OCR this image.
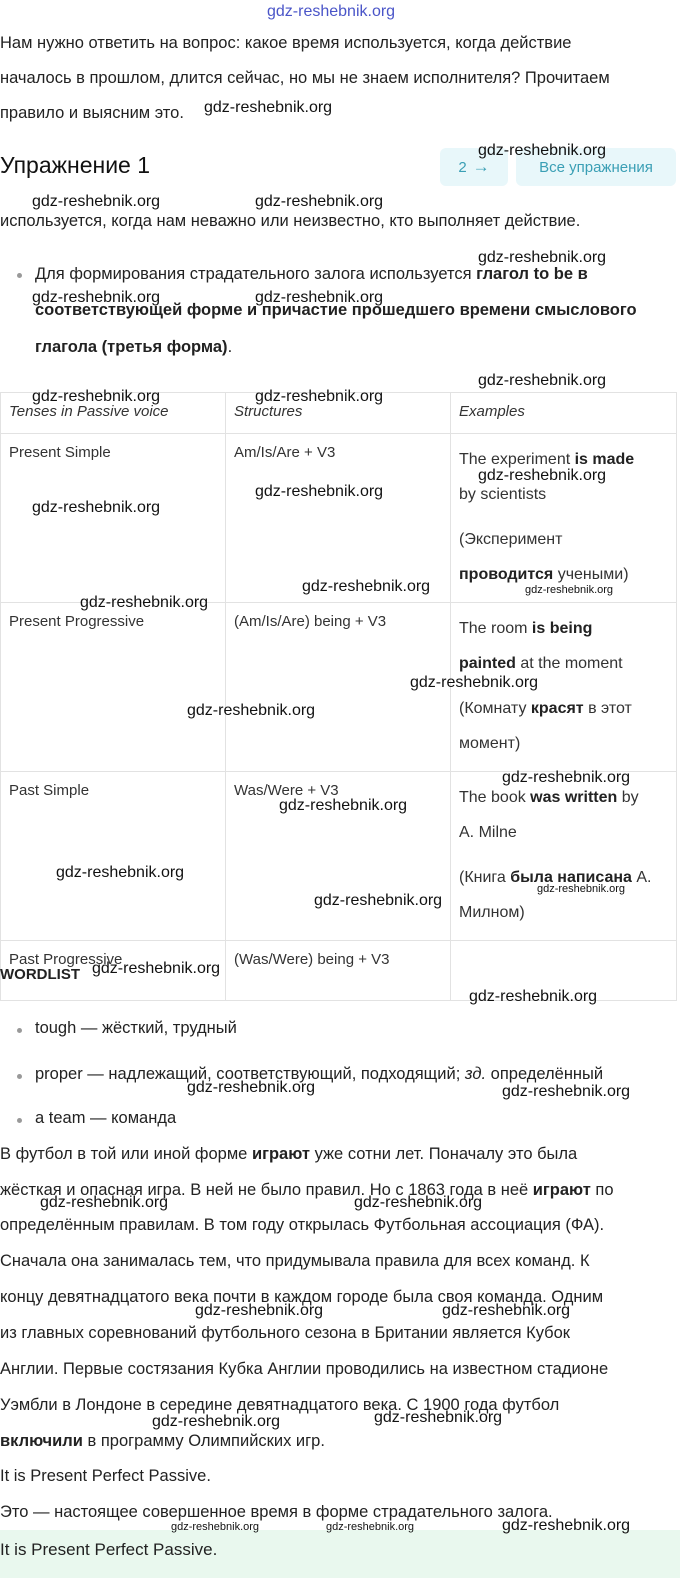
Нам нужно ответить на вопрос: какое время используется, когда действие
началось в прошлом, длится сейчас, но мы не знаем исполнителя? Прочитаем
правило и выясним это.
Упражнение 1	2 →	Все упражнения
используется, когда нам неважно или неизвестно, кто выполняет действие.
Для формирования страдательного залога используется глагол to be в
соответствующей форме и причастие прошедшего времени смыслового
глагола (третья форма).
Tenses in Passive voice	Structures	Examples
Present Simple	Am/Is/Are + V3	The experiment is made
by scientists
(Эксперимент
проводится учеными)

Present Progressive	(Am/Is/Are) being + V3	The room is being
painted at the moment
(Комнату красят в этот
момент)

Past Simple	Was/Were + V3	The book was written by
A. Milne
(Книга была написана А.
Милном)

Past Progressive	(Was/Were) being + V3	
WORDLIST
tough — жёсткий, трудный
proper — надлежащий, соответствующий, подходящий; зд. определённый
a team — команда
В футбол в той или иной форме играют уже сотни лет. Поначалу это была
жёсткая и опасная игра. В ней не было правил. Но с 1863 года в неё играют по
определённым правилам. В том году открылась Футбольная ассоциация (ФА).
Сначала она занималась тем, что придумывала правила для всех команд. К
концу девятнадцатого века почти в каждом городе была своя команда. Одним
из главных соревнований футбольного сезона в Британии является Кубок
Англии. Первые состязания Кубка Англии проводились на известном стадионе
Уэмбли в Лондоне в середине девятнадцатого века. С 1900 года футбол
включили в программу Олимпийских игр.
It is Present Perfect Passive.
Это — настоящее совершенное время в форме страдательного залога.
It is Present Perfect Passive.
gdz-reshebnik.org
gdz-reshebnik.org
gdz-reshebnik.org
gdz-reshebnik.org	gdz-reshebnik.org
gdz-reshebnik.org
gdz-reshebnik.org	gdz-reshebnik.org
gdz-reshebnik.org
gdz-reshebnik.org	gdz-reshebnik.org
gdz-reshebnik.org
gdz-reshebnik.org
gdz-reshebnik.org
gdz-reshebnik.org	gdz-reshebnik.org
gdz-reshebnik.org
gdz-reshebnik.org
gdz-reshebnik.org
gdz-reshebnik.org
gdz-reshebnik.org
gdz-reshebnik.org
gdz-reshebnik.org
gdz-reshebnik.org
gdz-reshebnik.org
gdz-reshebnik.org
gdz-reshebnik.org	gdz-reshebnik.org
gdz-reshebnik.org	gdz-reshebnik.org
gdz-reshebnik.org	gdz-reshebnik.org
gdz-reshebnik.org	gdz-reshebnik.org
gdz-reshebnik.org	gdz-reshebnik.org	gdz-reshebnik.org
